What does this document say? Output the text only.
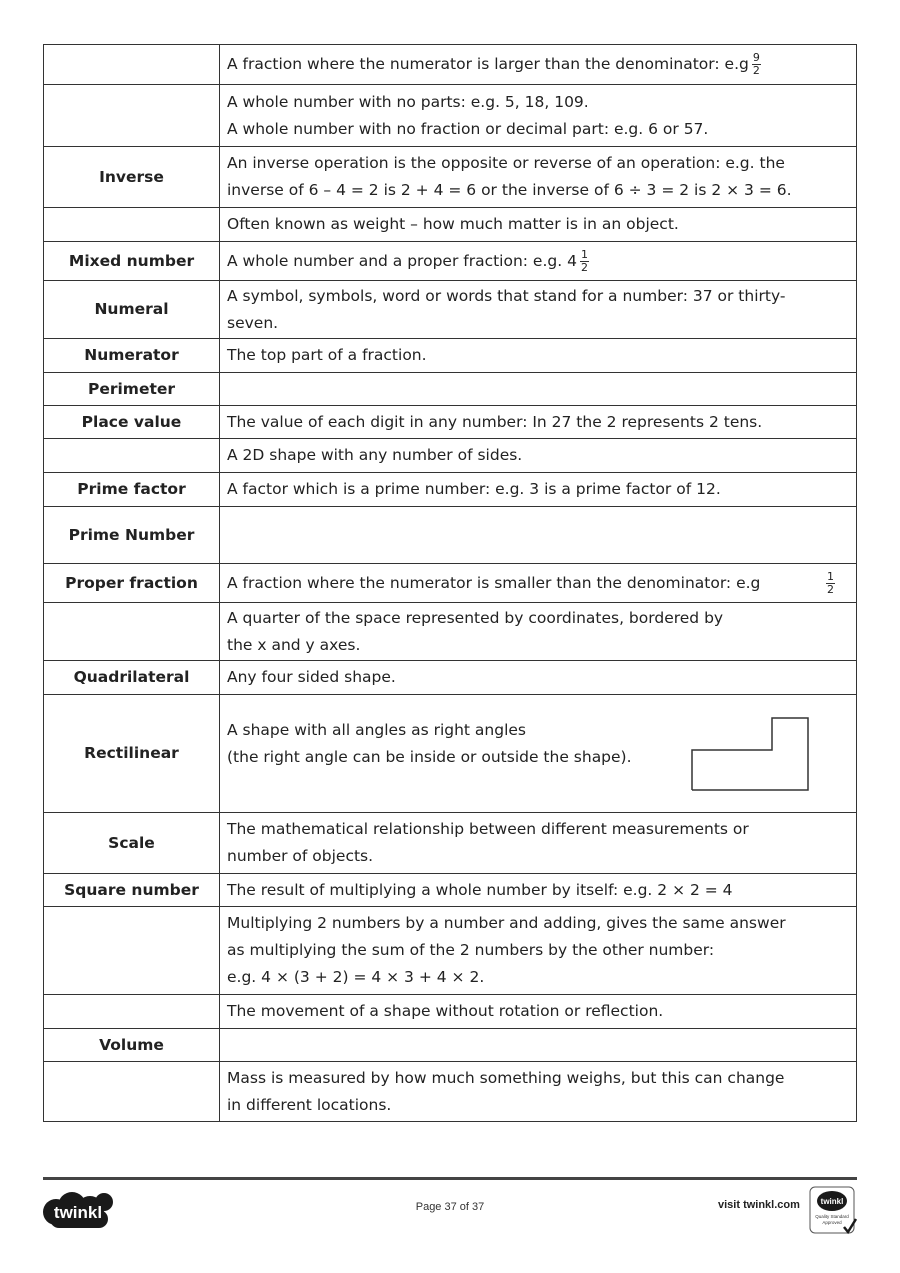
	A fraction where the numerator is larger than the denominator: $e.g \frac{9}{2}$

	A whole number with no parts: e.g. 5, 18, 109.
A whole number with no fraction or decimal part: e.g. 6 or 57.

Inverse	An inverse operation is the opposite or reverse of an operation: e.g. the
inverse of 6 – 4 = 2 is 2 + 4 = 6 or the inverse of 6 ÷ 3 = 2 is 2 × 3 = 6.

	Often known as weight – how much matter is in an object.
Mixed number	A whole number and a proper fraction: e.g. $4 \frac{1}{2}$

Numeral	A symbol, symbols, word or words that stand for a number: 37 or thirty-
seven.

Numerator	The top part of a fraction.
Perimeter	
Place value	The value of each digit in any number: In 27 the 2 represents 2 tens.
	A 2D shape with any number of sides.
Prime factor	A factor which is a prime number: e.g. 3 is a prime factor of 12.
Prime Number	
Proper fraction	A fraction where the numerator is smaller than the denominator: $e.g \frac{1}{2}$

	A quarter of the space represented by coordinates, bordered by
the x and y axes.

Quadrilateral	Any four sided shape.
Rectilinear	A shape with all angles as right angles
(the right angle can be inside or outside the shape).

Scale	The mathematical relationship between different measurements or
number of objects.

Square number	The result of multiplying a whole number by itself: e.g. 2 × 2 = 4

	Multiplying 2 numbers by a number and adding, gives the same answer
as multiplying the sum of the 2 numbers by the other number:
e.g. 4 × (3 + 2) = 4 × 3 + 4 × 2.

	The movement of a shape without rotation or reflection.
Volume	

	Mass is measured by how much something weighs, but this can change
in different locations.
twinkl	Page 37 of 37	visit twinkl.com	twinkl
Quality Standard
Approved
